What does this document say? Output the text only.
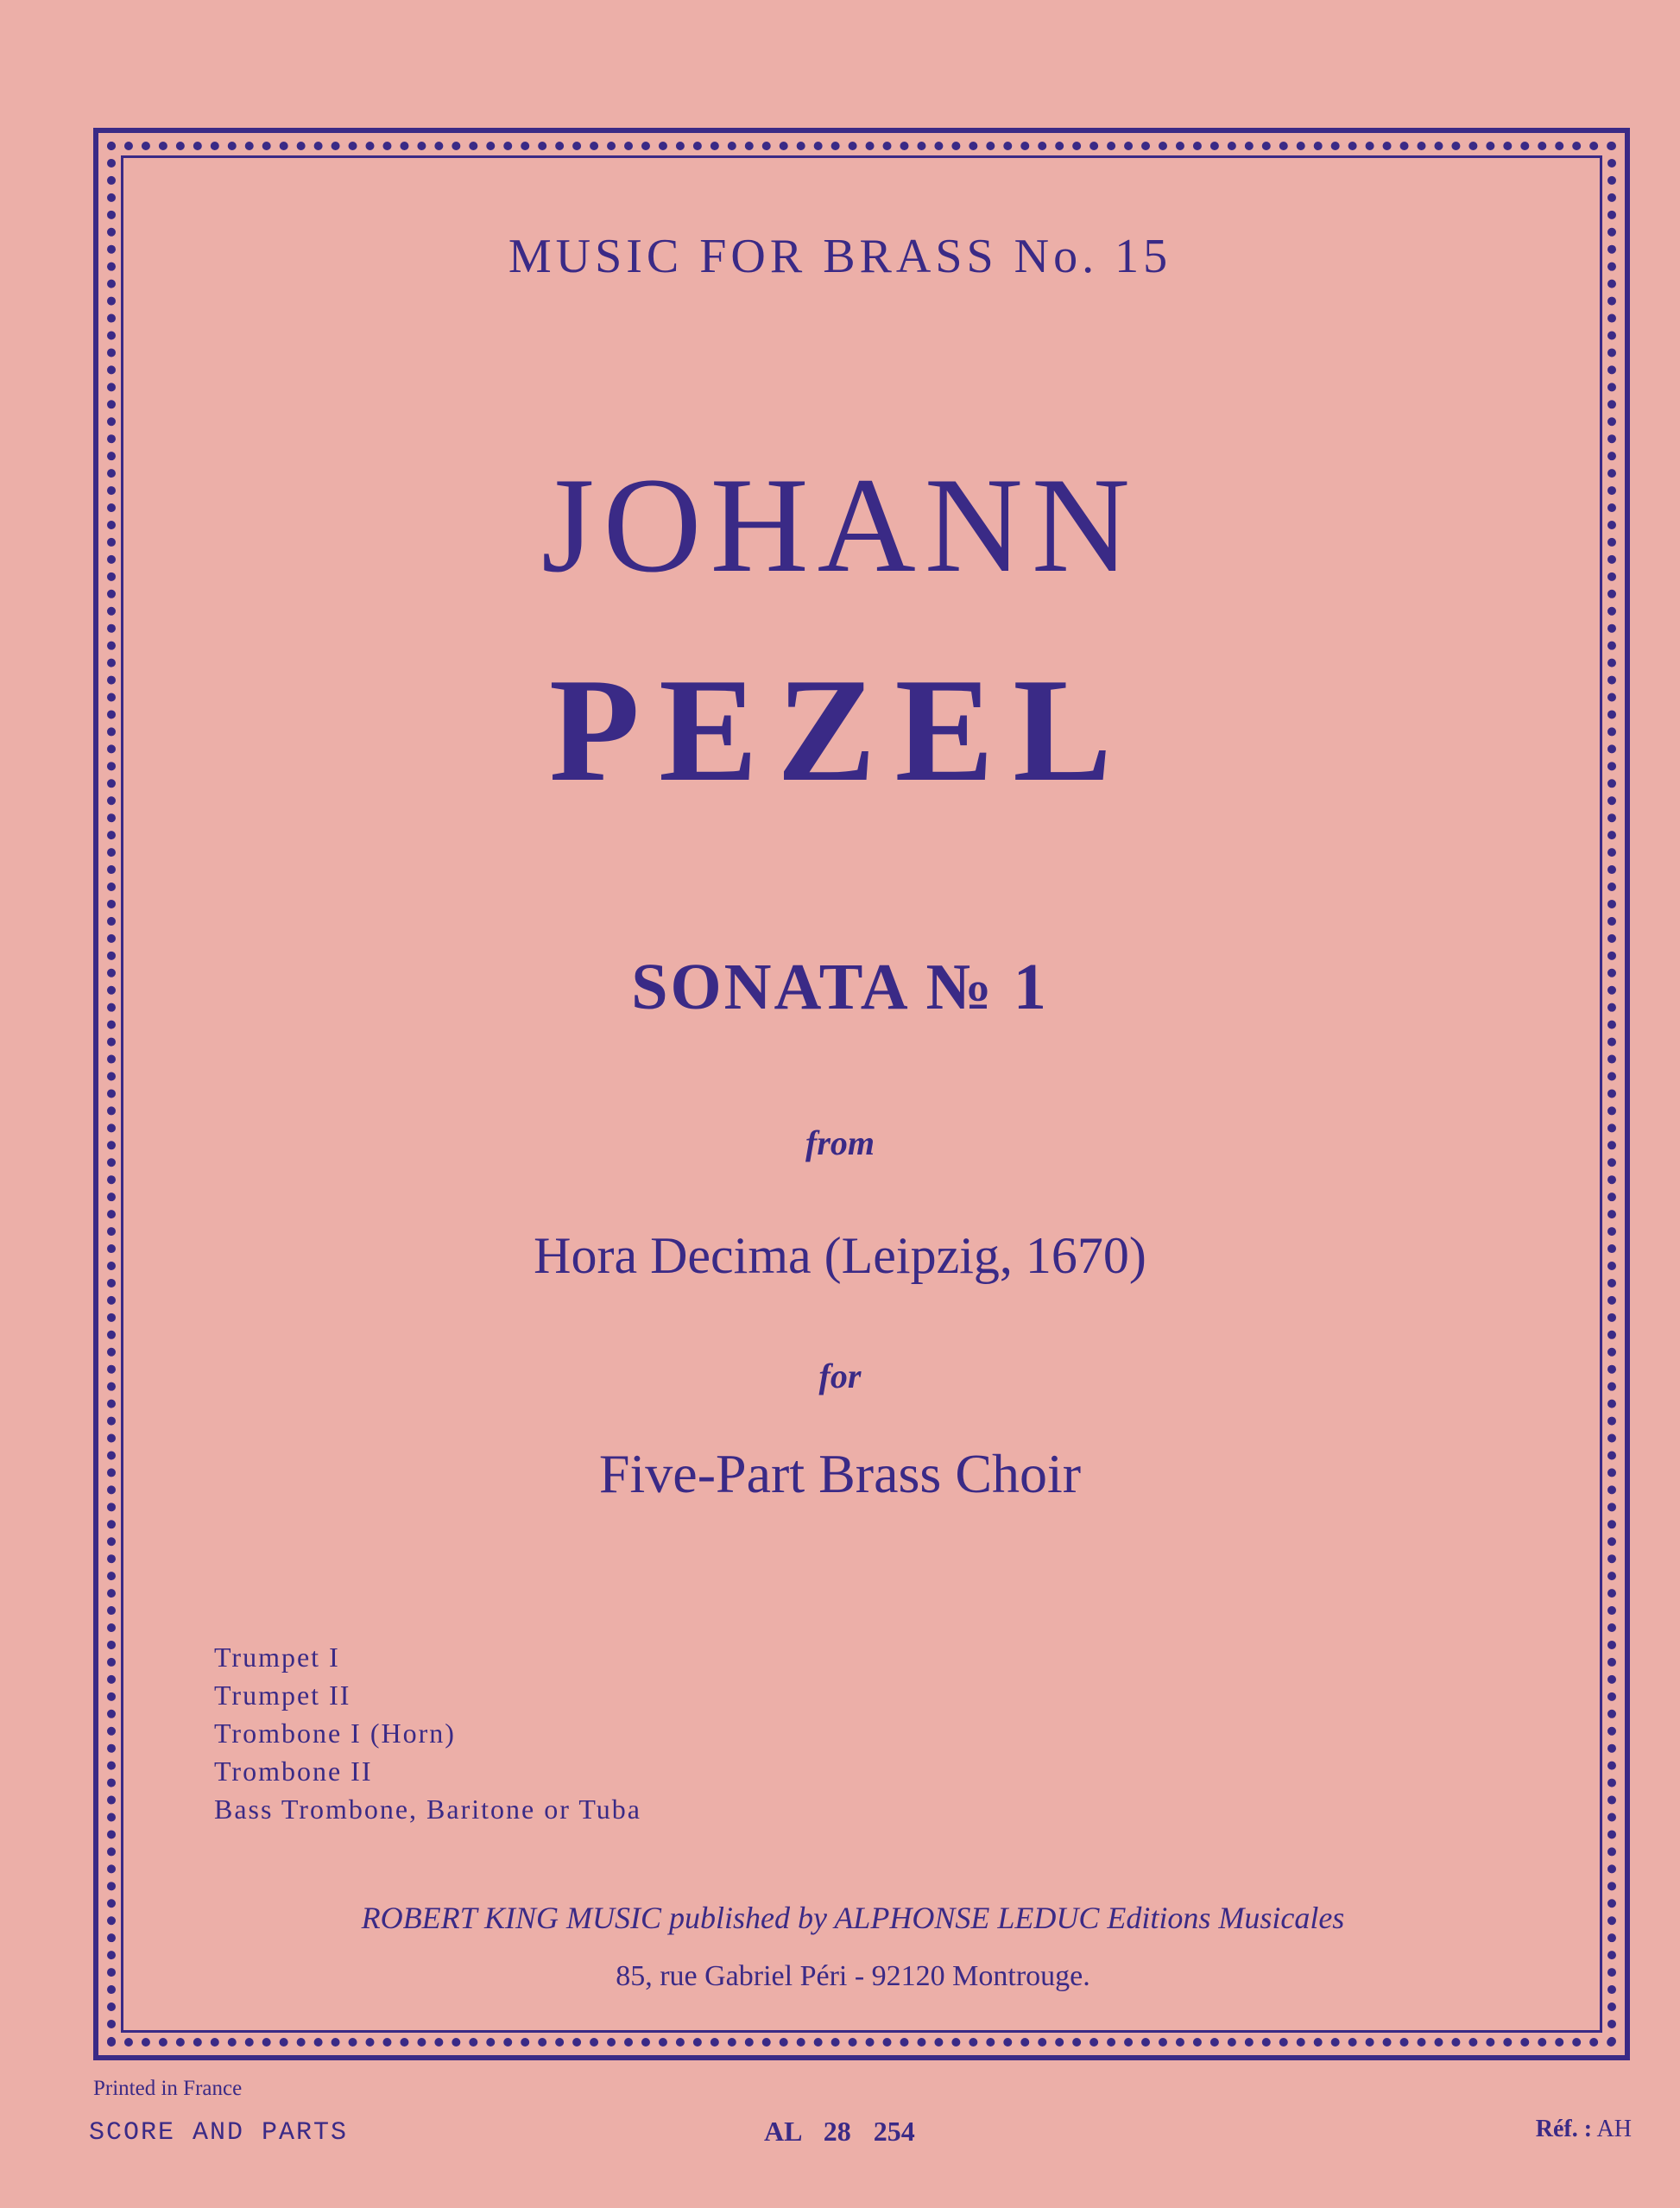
MUSIC FOR BRASS No. 15
JOHANN
PEZEL
SONATA № 1
from
Hora Decima (Leipzig, 1670)
for
Five-Part Brass Choir
Trumpet I
Trumpet II
Trombone I (Horn)
Trombone II
Bass Trombone, Baritone or Tuba
ROBERT KING MUSIC published by ALPHONSE LEDUC Editions Musicales
85, rue Gabriel Péri - 92120 Montrouge.
Printed in France
SCORE AND PARTS	AL 28 254	Réf. : AH
